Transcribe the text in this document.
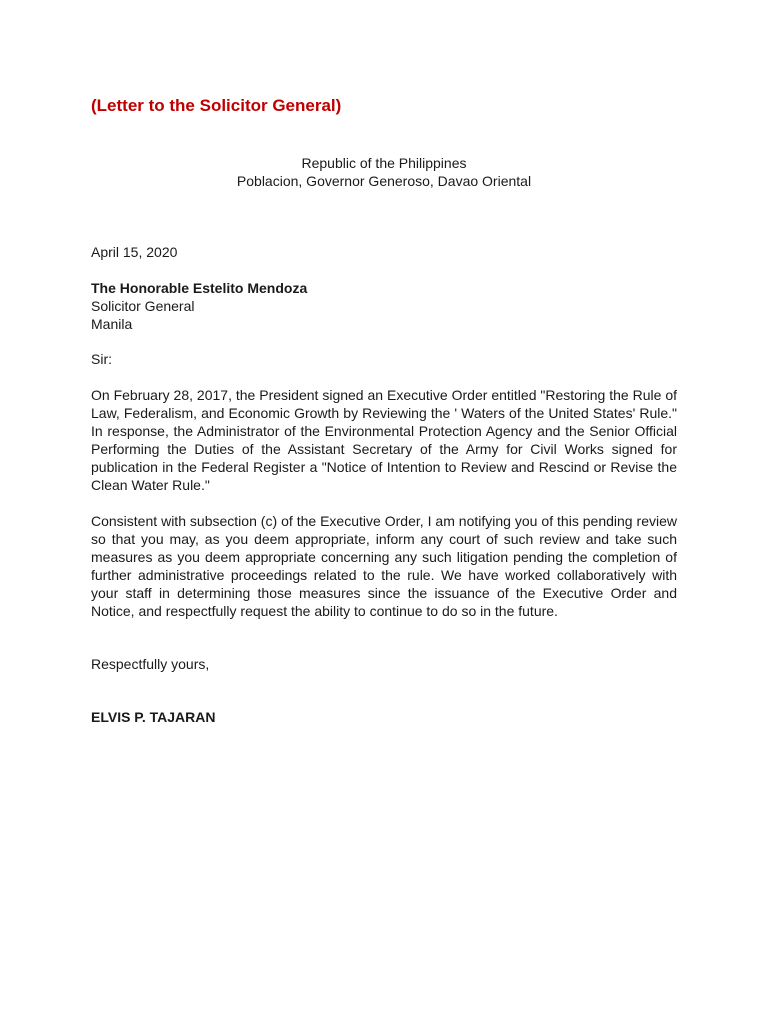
(Letter to the Solicitor General)
Republic of the Philippines
Poblacion, Governor Generoso, Davao Oriental
April 15, 2020
The Honorable Estelito Mendoza
Solicitor General
Manila
Sir:
On February 28, 2017, the President signed an Executive Order entitled "Restoring the Rule of Law, Federalism, and Economic Growth by Reviewing the ' Waters of the United States' Rule." In response, the Administrator of the Environmental Protection Agency and the Senior Official Performing the Duties of the Assistant Secretary of the Army for Civil Works signed for publication in the Federal Register a "Notice of Intention to Review and Rescind or Revise the Clean Water Rule."
Consistent with subsection (c) of the Executive Order, I am notifying you of this pending review so that you may, as you deem appropriate, inform any court of such review and take such measures as you deem appropriate concerning any such litigation pending the completion of further administrative proceedings related to the rule. We have worked collaboratively with your staff in determining those measures since the issuance of the Executive Order and Notice, and respectfully request the ability to continue to do so in the future.
Respectfully yours,
ELVIS P. TAJARAN
